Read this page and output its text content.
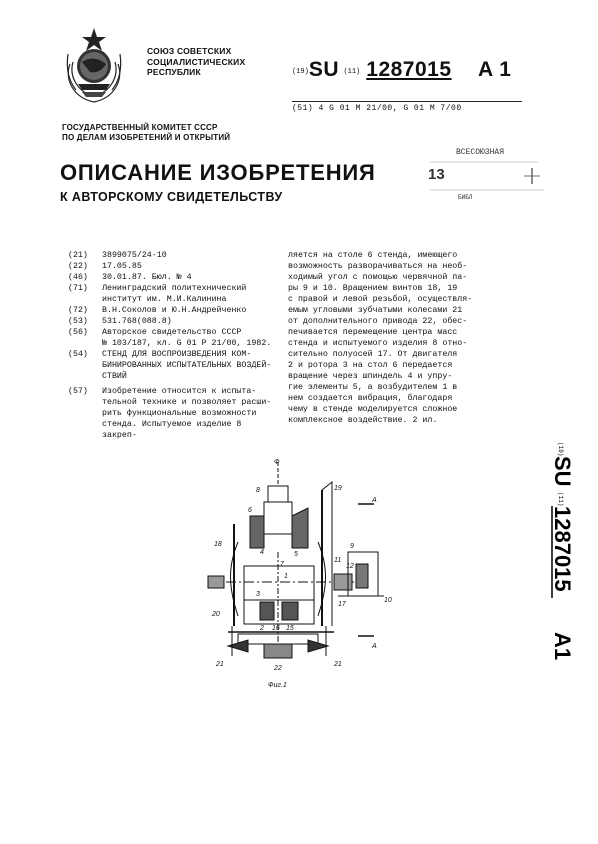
СОЮЗ СОВЕТСКИХ
СОЦИАЛИСТИЧЕСКИХ
РЕСПУБЛИК	$^{(19)}$SU $^{(11)}$ 1287015 A 1
(51) 4 G 01 M 21/00, G 01 M 7/00
ГОСУДАРСТВЕННЫЙ КОМИТЕТ СССР
ПО ДЕЛАМ ИЗОБРЕТЕНИЙ И ОТКРЫТИЙ
ВСЕСОЮЗНАЯ
13
БИБЛ
ОПИСАНИЕ ИЗОБРЕТЕНИЯ
К АВТОРСКОМУ СВИДЕТЕЛЬСТВУ
(21)	3899075/24-10
(22)	17.05.85
(46)	30.01.87. Бюл. № 4
(71)	Ленинградский политехнический
институт им. М.И.Калинина
(72)	В.Н.Соколов и Ю.Н.Андрейченко
(53)	531.768(088.8)
(56)	Авторское свидетельство СССР
№ 103/187, кл. G 01 P 21/00, 1982.
(54)	СТЕНД ДЛЯ ВОСПРОИЗВЕДЕНИЯ КОМ-
БИНИРОВАННЫХ ИСПЫТАТЕЛЬНЫХ ВОЗДЕЙ-
СТВИЙ
(57)	Изобретение относится к испыта-
тельной технике и позволяет расши-
рить функциональные возможности
стенда. Испытуемое изделие 8 закреп-
ляется на столе 6 стенда, имеющего
возможность разворачиваться на необ-
ходимый угол с помощью червячной па-
ры 9 и 10. Вращением винтов 18, 19
с правой и левой резьбой, осуществля-
емым угловыми зубчатыми колесами 21
от дополнительного привода 22, обес-
печивается перемещение центра масс
стенда и испытуемого изделия 8 отно-
сительно полуосей 17. От двигателя
2 и ротора 3 на стол 6 передается
вращение через шпиндель 4 и упру-
гие элементы 5, а возбудителем 1 в
нем создается вибрация, благодаря
чему в стенде моделируется сложное
комплексное воздействие. 2 ил.
(19)
SU
(11)
1287015
A1
Ф
8
6
19
А
18
4
7
5
9
12
11
1
3
17
10
20
2 16 15
А
21
22
21
Фиг.1
